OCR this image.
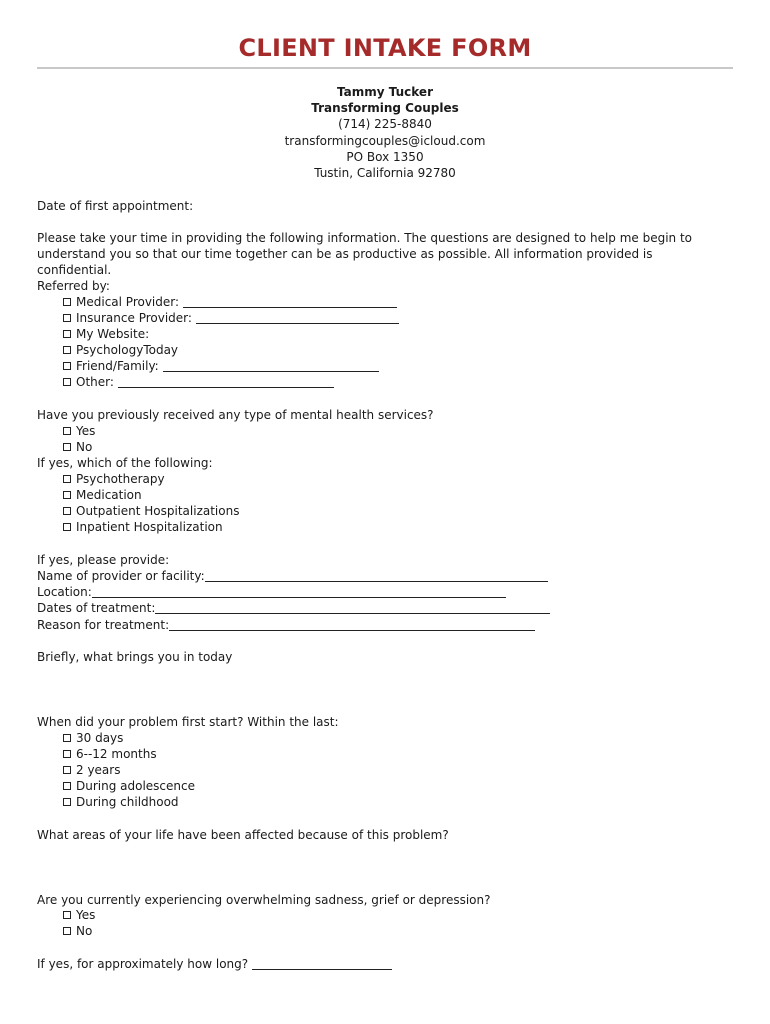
CLIENT INTAKE FORM
Tammy Tucker
Transforming Couples
(714) 225-8840
transformingcouples@icloud.com
PO Box 1350
Tustin, California 92780
Date of first appointment:
Please take your time in providing the following information. The questions are designed to help me begin to understand you so that our time together can be as productive as possible. All information provided is confidential.
Referred by:
Medical Provider:
Insurance Provider:
My Website:
PsychologyToday
Friend/Family:
Other:
Have you previously received any type of mental health services?
Yes
No
If yes, which of the following:
Psychotherapy
Medication
Outpatient Hospitalizations
Inpatient Hospitalization
If yes, please provide:
Name of provider or facility:
Location:
Dates of treatment:
Reason for treatment:
Briefly, what brings you in today
When did your problem first start? Within the last:
30 days
6--12 months
2 years
During adolescence
During childhood
What areas of your life have been affected because of this problem?
Are you currently experiencing overwhelming sadness, grief or depression?
Yes
No
If yes, for approximately how long?
